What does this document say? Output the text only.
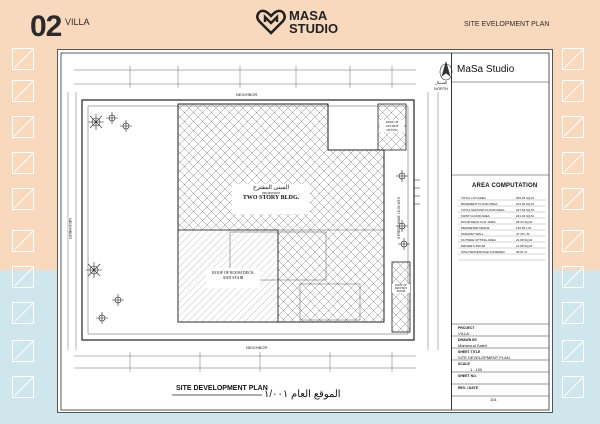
02 VILLA	MASA
STUDIO	SITE EVELOPMENT PLAN
NEIGHBOR
NEIGHBOR
NEIGHBOR	STREET WIDE 18.00 MTS
المبنى المقترح
PROPOSED
TWO STORY BLDG.
ROOF OF ROOM DECK AND STAIR
ROOF OF OUTSIDE SITTING
ROOF OF DRIVER'S ROOM
الشمال
NORTH
SITE DEVELOPMENT PLAN
الموقع العام ١/٠٠١
MaSa Studio
AREA COMPUTATION
TOTAL LOT AREA	625.25 SQ.M.
BASEMENT FLOOR AREA	101.94 SQ.M.
TOTAL GROUND FLOOR AREA	247.63 SQ.M.
FIRST FLOOR AREA	241.43 SQ.M.
ROOM DECK FLR. AREA	26.20 SQ.M.
PERIMETER FENCE	122.65 L.M.
PARAPET WALL	47.35 L.M.
OUTSIDE SITTING AREA	21.98 SQ.M.
DRIVER'S ROOM	21.98 SQ.M.
SITE PERCENTAGE COVERED	39.61 %
PROJECT
VILLA
DRAWN BY
Mahmoud Saleh
SHEET TITLE
SITE DEVELOPMENT PLAN
SCALE
1 : 100
SHEET NO.
101
REV. / DATE
